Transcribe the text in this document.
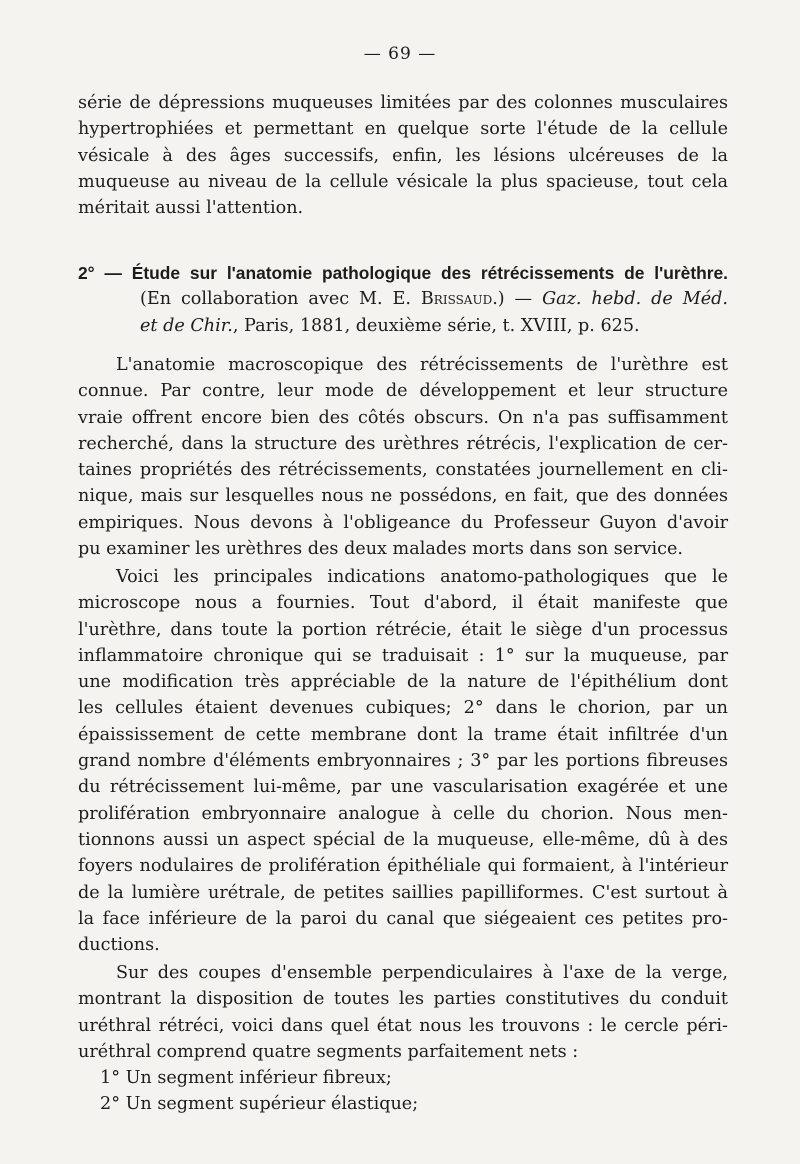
— 69 —
série de dépressions muqueuses limitées par des colonnes musculaires
hypertrophiées et permettant en quelque sorte l'étude de la cellule
vésicale à des âges successifs, enfin, les lésions ulcéreuses de la
muqueuse au niveau de la cellule vésicale la plus spacieuse, tout cela
méritait aussi l'attention.
2° — Étude sur l'anatomie pathologique des rétrécissements de l'urèthre.
(En collaboration avec M. E. Brissaud.) — Gaz. hebd. de Méd.
et de Chir., Paris, 1881, deuxième série, t. XVIII, p. 625.
L'anatomie macroscopique des rétrécissements de l'urèthre est
connue. Par contre, leur mode de développement et leur structure
vraie offrent encore bien des côtés obscurs. On n'a pas suffisamment
recherché, dans la structure des urèthres rétrécis, l'explication de cer-
taines propriétés des rétrécissements, constatées journellement en cli-
nique, mais sur lesquelles nous ne possédons, en fait, que des données
empiriques. Nous devons à l'obligeance du Professeur Guyon d'avoir
pu examiner les urèthres des deux malades morts dans son service.
Voici les principales indications anatomo-pathologiques que le
microscope nous a fournies. Tout d'abord, il était manifeste que
l'urèthre, dans toute la portion rétrécie, était le siège d'un processus
inflammatoire chronique qui se traduisait : 1° sur la muqueuse, par
une modification très appréciable de la nature de l'épithélium dont
les cellules étaient devenues cubiques; 2° dans le chorion, par un
épaississement de cette membrane dont la trame était infiltrée d'un
grand nombre d'éléments embryonnaires ; 3° par les portions fibreuses
du rétrécissement lui-même, par une vascularisation exagérée et une
prolifération embryonnaire analogue à celle du chorion. Nous men-
tionnons aussi un aspect spécial de la muqueuse, elle-même, dû à des
foyers nodulaires de prolifération épithéliale qui formaient, à l'intérieur
de la lumière urétrale, de petites saillies papilliformes. C'est surtout à
la face inférieure de la paroi du canal que siégeaient ces petites pro-
ductions.
Sur des coupes d'ensemble perpendiculaires à l'axe de la verge,
montrant la disposition de toutes les parties constitutives du conduit
uréthral rétréci, voici dans quel état nous les trouvons : le cercle péri-
uréthral comprend quatre segments parfaitement nets :
1° Un segment inférieur fibreux;
2° Un segment supérieur élastique;
